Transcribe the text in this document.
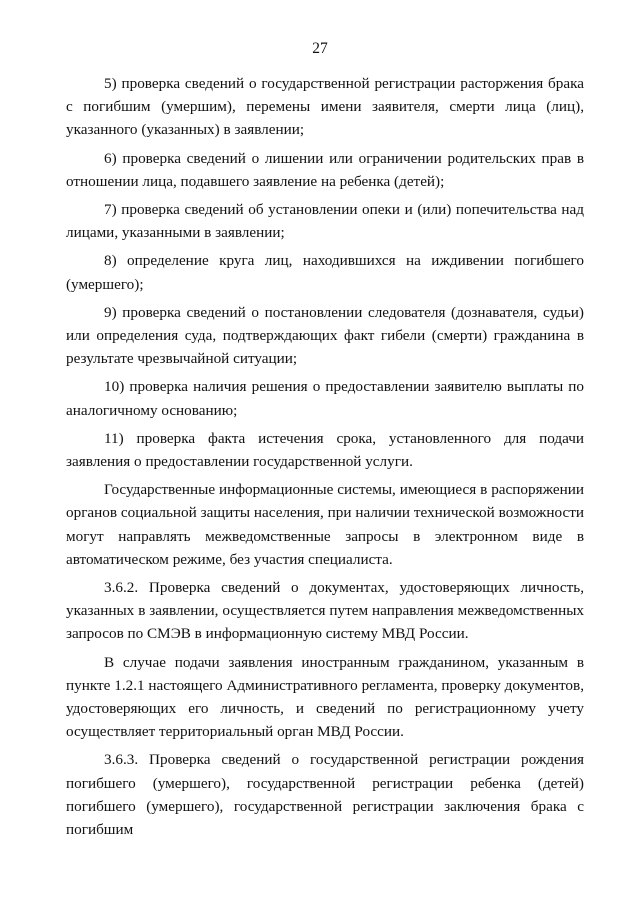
27

5) проверка сведений о государственной регистрации расторжения брака с погибшим (умершим), перемены имени заявителя, смерти лица (лиц), указанного (указанных) в заявлении;

6) проверка сведений о лишении или ограничении родительских прав в отношении лица, подавшего заявление на ребенка (детей);

7) проверка сведений об установлении опеки и (или) попечительства над лицами, указанными в заявлении;

8) определение круга лиц, находившихся на иждивении погибшего (умершего);

9) проверка сведений о постановлении следователя (дознавателя, судьи) или определения суда, подтверждающих факт гибели (смерти) гражданина в результате чрезвычайной ситуации;

10) проверка наличия решения о предоставлении заявителю выплаты по аналогичному основанию;

11) проверка факта истечения срока, установленного для подачи заявления о предоставлении государственной услуги.

Государственные информационные системы, имеющиеся в распоряжении органов социальной защиты населения, при наличии технической возможности могут направлять межведомственные запросы в электронном виде в автоматическом режиме, без участия специалиста.

3.6.2. Проверка сведений о документах, удостоверяющих личность, указанных в заявлении, осуществляется путем направления межведомственных запросов по СМЭВ в информационную систему МВД России.

В случае подачи заявления иностранным гражданином, указанным в пункте 1.2.1 настоящего Административного регламента, проверку документов, удостоверяющих его личность, и сведений по регистрационному учету осуществляет территориальный орган МВД России.

3.6.3. Проверка сведений о государственной регистрации рождения погибшего (умершего), государственной регистрации ребенка (детей) погибшего (умершего), государственной регистрации заключения брака с погибшим
